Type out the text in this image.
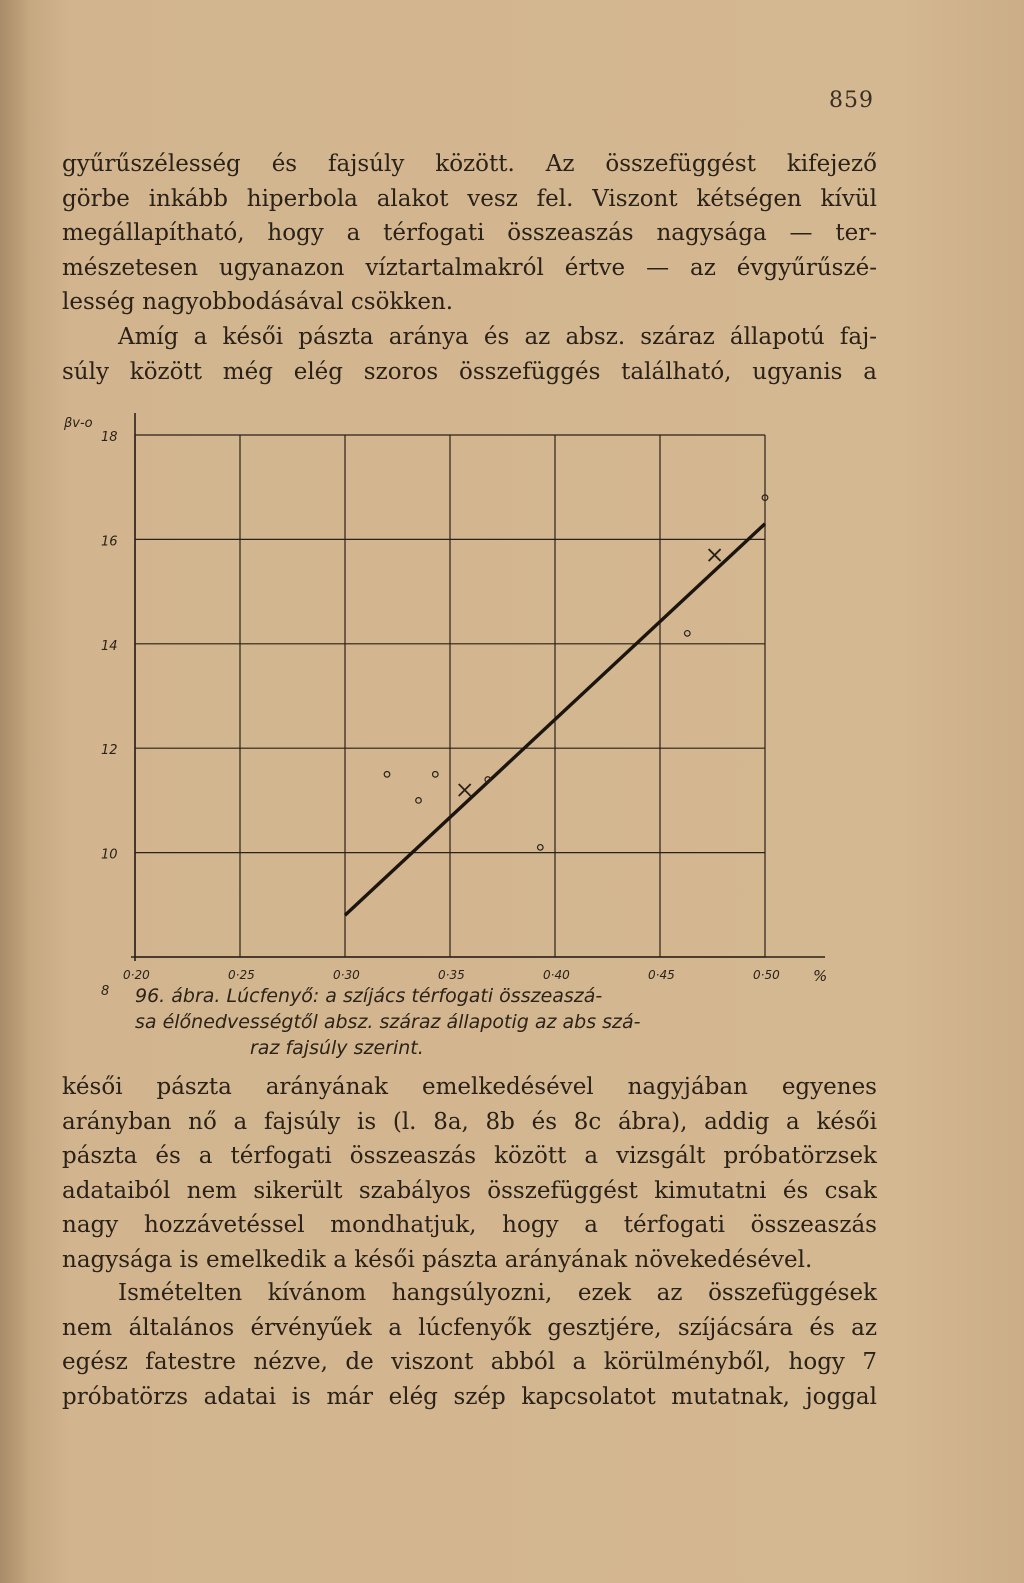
859
gyűrűszélesség és fajsúly között. Az összefüggést kifejező
görbe inkább hiperbola alakot vesz fel. Viszont kétségen kívül
megállapítható, hogy a térfogati összeaszás nagysága — ter-
mészetesen ugyanazon víztartalmakról értve — az évgyűrűszé-
lesség nagyobbodásával csökken.
Amíg a késői pászta aránya és az absz. száraz állapotú faj-
súly között még elég szoros összefüggés található, ugyanis a
8
10
12
14
16
18
0·20	0·25	0·30	0·35	0·40	0·45	0·50
βv-o
%
96. ábra. Lúcfenyő: a szíjács térfogati összeaszá-
sa élőnedvességtől absz. száraz állapotig az abs szá-
raz fajsúly szerint.
késői pászta arányának emelkedésével nagyjában egyenes
arányban nő a fajsúly is (l. 8a, 8b és 8c ábra), addig a késői
pászta és a térfogati összeaszás között a vizsgált próbatörzsek
adataiból nem sikerült szabályos összefüggést kimutatni és csak
nagy hozzávetéssel mondhatjuk, hogy a térfogati összeaszás
nagysága is emelkedik a késői pászta arányának növekedésével.
Ismételten kívánom hangsúlyozni, ezek az összefüggések
nem általános érvényűek a lúcfenyők gesztjére, szíjácsára és az
egész fatestre nézve, de viszont abból a körülményből, hogy 7
próbatörzs adatai is már elég szép kapcsolatot mutatnak, joggal
